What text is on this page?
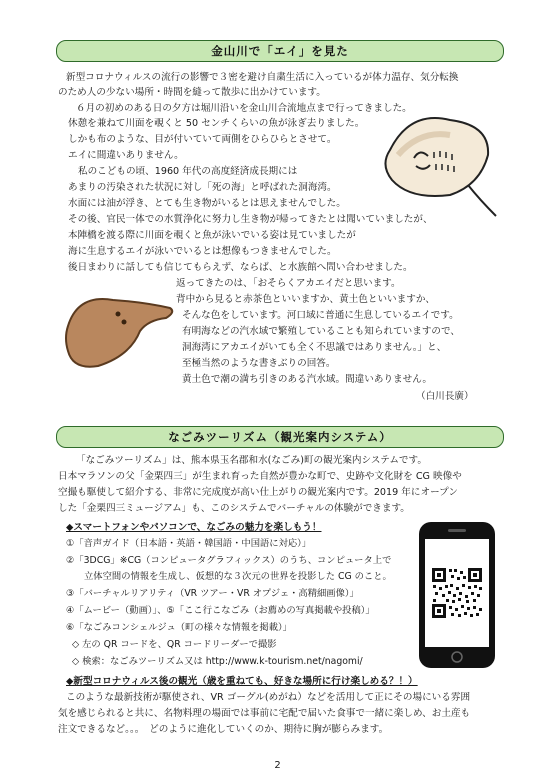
金山川で「エイ」を見た
新型コロナウィルスの流行の影響で３密を避け自粛生活に入っているが体力温存、気分転換
のため人の少ない場所・時間を縫って散歩に出かけています。
６月の初めのある日の夕方は堀川沿いを金山川合流地点まで行ってきました。
休憩を兼ねて川面を覗くと 50 センチくらいの魚が泳ぎ去りました。
しかも布のような、目が付いていて両側をひらひらとさせて。
エイに間違いありません。
私のこどもの頃、1960 年代の高度経済成長期には
あまりの汚染された状況に対し「死の海」と呼ばれた洞海湾。
水面には油が浮き、とても生き物がいるとは思えませんでした。
その後、官民一体での水質浄化に努力し生き物が帰ってきたとは聞いていましたが、
本陣橋を渡る際に川面を覗くと魚が泳いでいる姿は見ていましたが
海に生息するエイが泳いでいるとは想像もつきませんでした。
後日まわりに話しても信じてもらえず、ならば、と水族館へ問い合わせました。
返ってきたのは、「おそらくアカエイだと思います。
背中から見ると赤茶色といいますか、黄土色といいますか、
そんな色をしています。河口域に普通に生息しているエイです。
有明海などの汽水域で繁殖していることも知られていますので、
洞海湾にアカエイがいても全く不思議ではありません。」と、
至極当然のような書きぶりの回答。
黄土色で潮の満ち引きのある汽水域。間違いありません。
（白川長廣）
なごみツーリズム（観光案内システム）
「なごみツーリズム」は、熊本県玉名郡和水(なごみ)町の観光案内システムです。
日本マラソンの父「金栗四三」が生まれ育った自然が豊かな町で、史跡や文化財を CG 映像や
空撮も駆使して紹介する、非常に完成度が高い仕上がりの観光案内です。2019 年にオープン
した「金栗四三ミュージアム」も、このシステムでバーチャルの体験ができます。
◆スマートフォンやパソコンで、なごみの魅力を楽しもう！
①「音声ガイド（日本語・英語・韓国語・中国語に対応）」
②「3DCG」※CG（コンピュータグラフィックス）のうち、コンピュータ上で
立体空間の情報を生成し、仮想的な３次元の世界を投影した CG のこと。
③「バーチャルリアリティ（VR ツアー・VR オプジェ・高精細画像）」
④「ムービー（動画）」、⑤「ここ行こなごみ（お薦めの写真掲載や投稿）」
⑥「なごみコンシェルジュ（町の様々な情報を掲載）」
◇ 左の QR コードを、QR コードリーダーで撮影
◇ 検索：なごみツーリズム又は http://www.k-tourism.net/nagomi/
◆新型コロナウィルス後の観光（歳を重ねても、好きな場所に行け楽しめる？！）
このような最新技術が駆使され、VR ゴーグル(めがね）などを活用して正にその場にいる雰囲
気を感じられると共に、名物料理の場面では事前に宅配で届いた食事で一緒に楽しめ、お土産も
注文できるなど。。。　どのように進化していくのか、期待に胸が膨らみます。
2
